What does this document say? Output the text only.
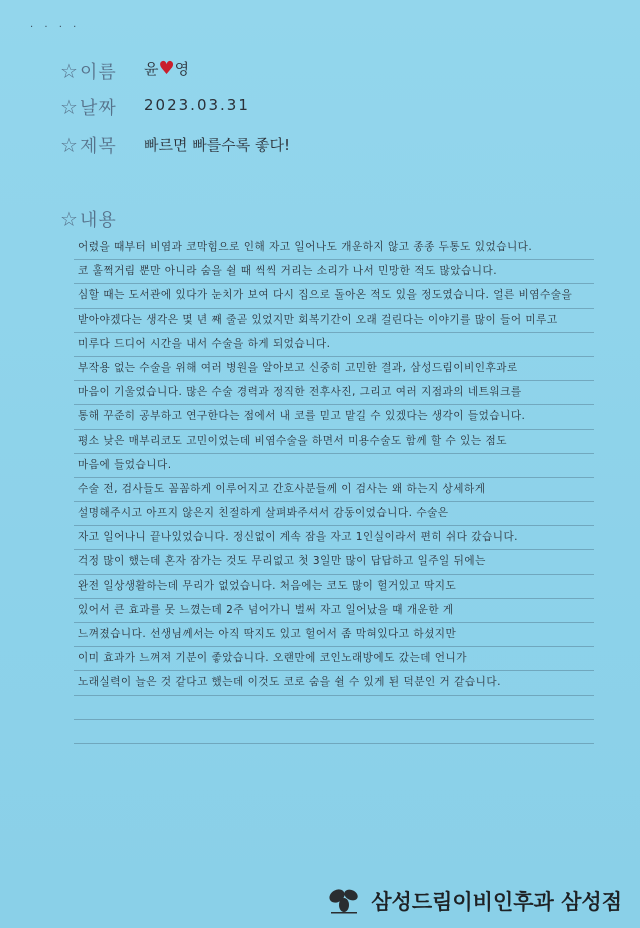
· · · ·
☆ 이름 윤♥영
☆ 날짜 2023.03.31
☆ 제목 빠르면 빠를수록 좋다!
☆ 내용
어렸을 때부터 비염과 코막힘으로 인해 자고 일어나도 개운하지 않고 종종 두통도 있었습니다.
코 훌쩍거림 뿐만 아니라 숨을 쉴 때 씩씩 거리는 소리가 나서 민망한 적도 많았습니다.
심할 때는 도서관에 있다가 눈치가 보여 다시 집으로 돌아온 적도 있을 정도였습니다. 얼른 비염수술을
받아야겠다는 생각은 몇 년 째 줄곧 있었지만 회복기간이 오래 걸린다는 이야기를 많이 들어 미루고
미루다 드디어 시간을 내서 수술을 하게 되었습니다.
부작용 없는 수술을 위해 여러 병원을 알아보고 신중히 고민한 결과, 삼성드림이비인후과로
마음이 기울었습니다. 많은 수술 경력과 정직한 전후사진, 그리고 여러 지점과의 네트워크를
통해 꾸준히 공부하고 연구한다는 점에서 내 코를 믿고 맡길 수 있겠다는 생각이 들었습니다.
평소 낮은 매부리코도 고민이었는데 비염수술을 하면서 미용수술도 함께 할 수 있는 점도
마음에 들었습니다.
수술 전, 검사들도 꼼꼼하게 이루어지고 간호사분들께 이 검사는 왜 하는지 상세하게
설명해주시고 아프지 않은지 친절하게 살펴봐주셔서 감동이었습니다. 수술은
자고 일어나니 끝나있었습니다. 정신없이 계속 잠을 자고 1인실이라서 편히 쉬다 갔습니다.
걱정 많이 했는데 혼자 잠가는 것도 무리없고 첫 3일만 많이 답답하고 일주일 뒤에는
완전 일상생활하는데 무리가 없었습니다. 처음에는 코도 많이 헐거있고 딱지도
있어서 큰 효과를 못 느꼈는데 2주 넘어가니 벌써 자고 일어났을 때 개운한 게
느껴졌습니다. 선생님께서는 아직 딱지도 있고 헐어서 좀 막혀있다고 하셨지만
이미 효과가 느껴져 기분이 좋았습니다. 오랜만에 코인노래방에도 갔는데 언니가
노래실력이 늘은 것 같다고 했는데 이것도 코로 숨을 쉴 수 있게 된 덕분인 거 같습니다.
삼성드림이비인후과 삼성점
